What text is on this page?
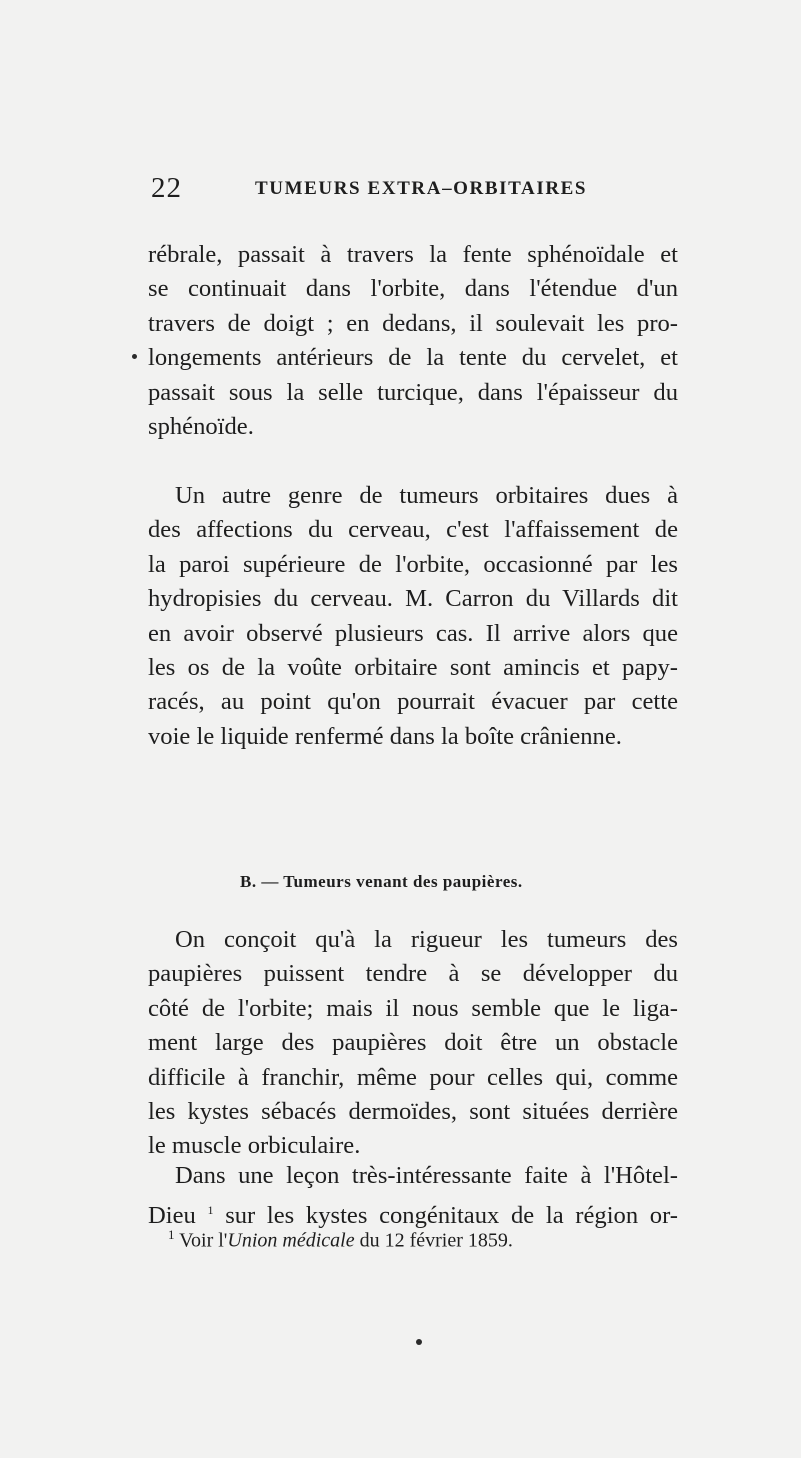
22	TUMEURS EXTRA–ORBITAIRES

rébrale, passait à travers la fente sphénoïdale et
se continuait dans l'orbite, dans l'étendue d'un
travers de doigt ; en dedans, il soulevait les pro-
longements antérieurs de la tente du cervelet, et
passait sous la selle turcique, dans l'épaisseur du
sphénoïde.

Un autre genre de tumeurs orbitaires dues à
des affections du cerveau, c'est l'affaissement de
la paroi supérieure de l'orbite, occasionné par les
hydropisies du cerveau. M. Carron du Villards dit
en avoir observé plusieurs cas. Il arrive alors que
les os de la voûte orbitaire sont amincis et papy-
racés, au point qu'on pourrait évacuer par cette
voie le liquide renfermé dans la boîte crânienne.

B. — Tumeurs venant des paupières.

On conçoit qu'à la rigueur les tumeurs des
paupières puissent tendre à se développer du
côté de l'orbite; mais il nous semble que le liga-
ment large des paupières doit être un obstacle
difficile à franchir, même pour celles qui, comme
les kystes sébacés dermoïdes, sont situées derrière
le muscle orbiculaire.

Dans une leçon très-intéressante faite à l'Hôtel-
Dieu $^1$ sur les kystes congénitaux de la région or-

$^1$ Voir l'Union médicale du 12 février 1859.
